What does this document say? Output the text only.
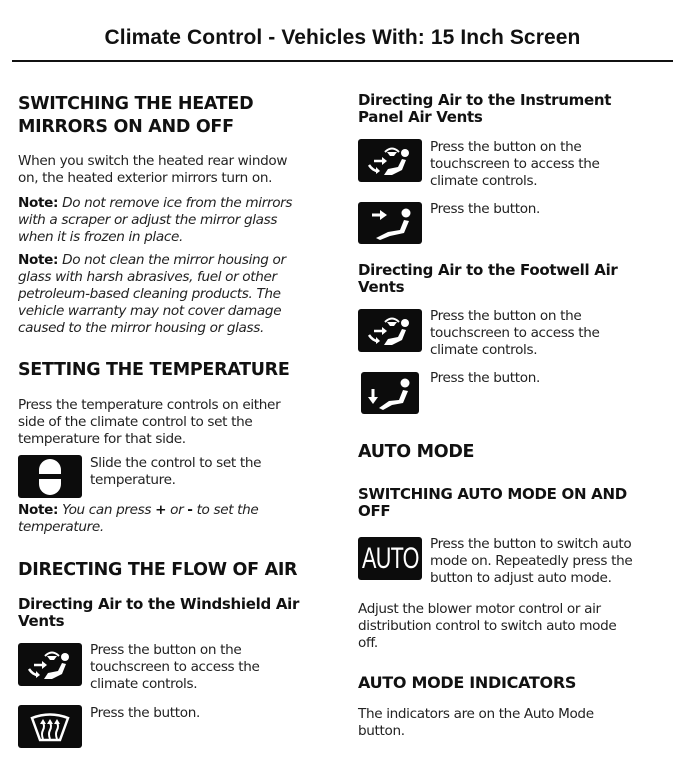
Climate Control - Vehicles With: 15 Inch Screen
SWITCHING THE HEATED
MIRRORS ON AND OFF
When you switch the heated rear window
on, the heated exterior mirrors turn on.
Note: Do not remove ice from the mirrors
with a scraper or adjust the mirror glass
when it is frozen in place.
Note: Do not clean the mirror housing or
glass with harsh abrasives, fuel or other
petroleum-based cleaning products. The
vehicle warranty may not cover damage
caused to the mirror housing or glass.
SETTING THE TEMPERATURE
Press the temperature controls on either
side of the climate control to set the
temperature for that side.
Slide the control to set the
temperature.
Note: You can press + or - to set the
temperature.
DIRECTING THE FLOW OF AIR
Directing Air to the Windshield Air
Vents
Press the button on the
touchscreen to access the
climate controls.
Press the button.
Directing Air to the Instrument
Panel Air Vents
Press the button on the
touchscreen to access the
climate controls.
Press the button.
Directing Air to the Footwell Air
Vents
Press the button on the
touchscreen to access the
climate controls.
Press the button.
AUTO MODE
SWITCHING AUTO MODE ON AND
OFF
AUTO Press the button to switch auto
mode on. Repeatedly press the
button to adjust auto mode.
Adjust the blower motor control or air
distribution control to switch auto mode
off.
AUTO MODE INDICATORS
The indicators are on the Auto Mode
button.
